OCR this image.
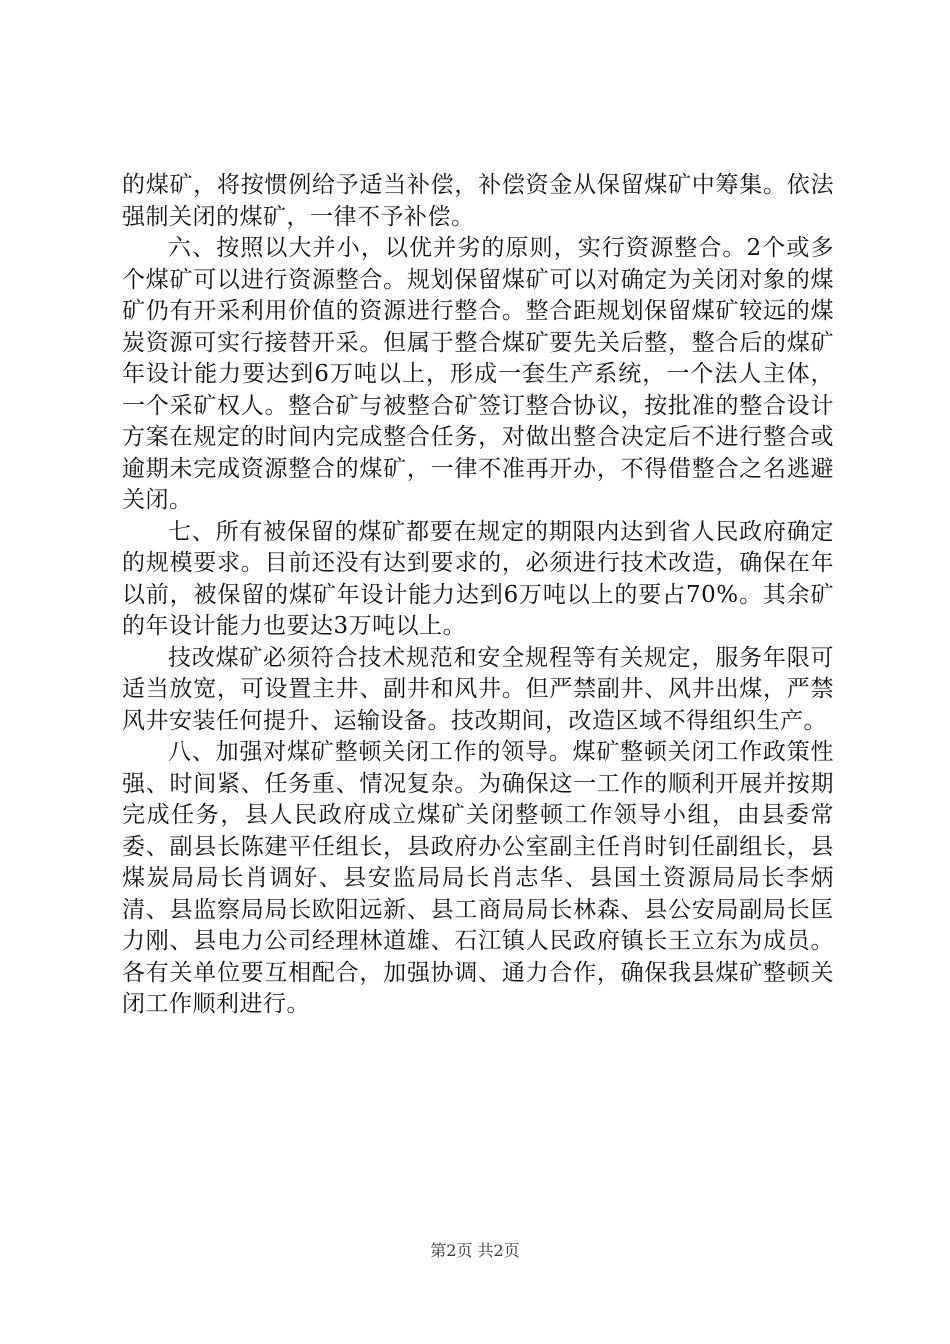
的煤矿，将按惯例给予适当补偿，补偿资金从保留煤矿中筹集。依法强制关闭的煤矿，一律不予补偿。

六、按照以大并小，以优并劣的原则，实行资源整合。2个或多个煤矿可以进行资源整合。规划保留煤矿可以对确定为关闭对象的煤矿仍有开采利用价值的资源进行整合。整合距规划保留煤矿较远的煤炭资源可实行接替开采。但属于整合煤矿要先关后整，整合后的煤矿年设计能力要达到6万吨以上，形成一套生产系统，一个法人主体，一个采矿权人。整合矿与被整合矿签订整合协议，按批准的整合设计方案在规定的时间内完成整合任务，对做出整合决定后不进行整合或逾期未完成资源整合的煤矿，一律不准再开办，不得借整合之名逃避关闭。

七、所有被保留的煤矿都要在规定的期限内达到省人民政府确定的规模要求。目前还没有达到要求的，必须进行技术改造，确保在年以前，被保留的煤矿年设计能力达到6万吨以上的要占70%。其余矿的年设计能力也要达3万吨以上。

技改煤矿必须符合技术规范和安全规程等有关规定，服务年限可适当放宽，可设置主井、副井和风井。但严禁副井、风井出煤，严禁风井安装任何提升、运输设备。技改期间，改造区域不得组织生产。

八、加强对煤矿整顿关闭工作的领导。煤矿整顿关闭工作政策性强、时间紧、任务重、情况复杂。为确保这一工作的顺利开展并按期完成任务，县人民政府成立煤矿关闭整顿工作领导小组，由县委常委、副县长陈建平任组长，县政府办公室副主任肖时钊任副组长，县煤炭局局长肖调好、县安监局局长肖志华、县国土资源局局长李炳清、县监察局局长欧阳远新、县工商局局长林森、县公安局副局长匡力刚、县电力公司经理林道雄、石江镇人民政府镇长王立东为成员。各有关单位要互相配合，加强协调、通力合作，确保我县煤矿整顿关闭工作顺利进行。

第2页 共2页
